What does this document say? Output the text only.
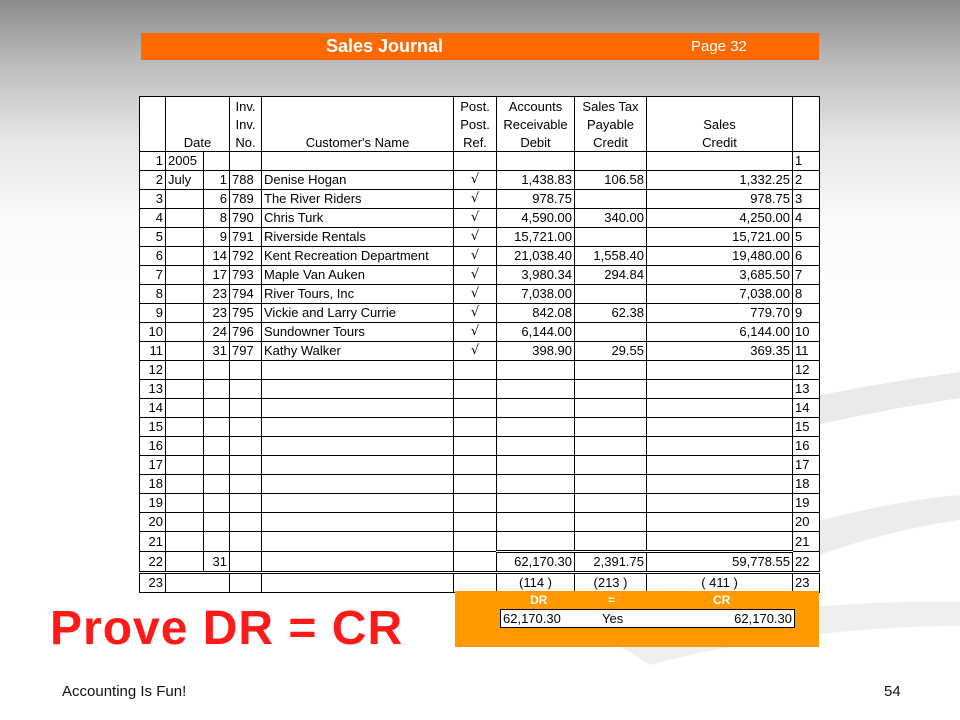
Sales Journal	Page 32
			Inv.		Post.	Accounts	Sales Tax		
			Inv.		Post.	Receivable	Payable	Sales	
	Date		No.	Customer's Name	Ref.	Debit	Credit	Credit	
1	2005								1
2	July	1	788	Denise Hogan	√	1,438.83	106.58	1,332.25	2
3		6	789	The River Riders	√	978.75		978.75	3
4		8	790	Chris Turk	√	4,590.00	340.00	4,250.00	4
5		9	791	Riverside Rentals	√	15,721.00		15,721.00	5
6		14	792	Kent Recreation Department	√	21,038.40	1,558.40	19,480.00	6
7		17	793	Maple Van Auken	√	3,980.34	294.84	3,685.50	7
8		23	794	River Tours, Inc	√	7,038.00		7,038.00	8
9		23	795	Vickie and Larry Currie	√	842.08	62.38	779.70	9
10		24	796	Sundowner Tours	√	6,144.00		6,144.00	10
11		31	797	Kathy Walker	√	398.90	29.55	369.35	11
12									12
13									13
14									14
15									15
16									16
17									17
18									18
19									19
20									20
21									21
22		31				62,170.30	2,391.75	59,778.55	22
23						(114 )	(213 )	( 411 )	23
DR	=	CR
62,170.30	Yes	62,170.30
Prove DR = CR
Accounting Is Fun!	54
